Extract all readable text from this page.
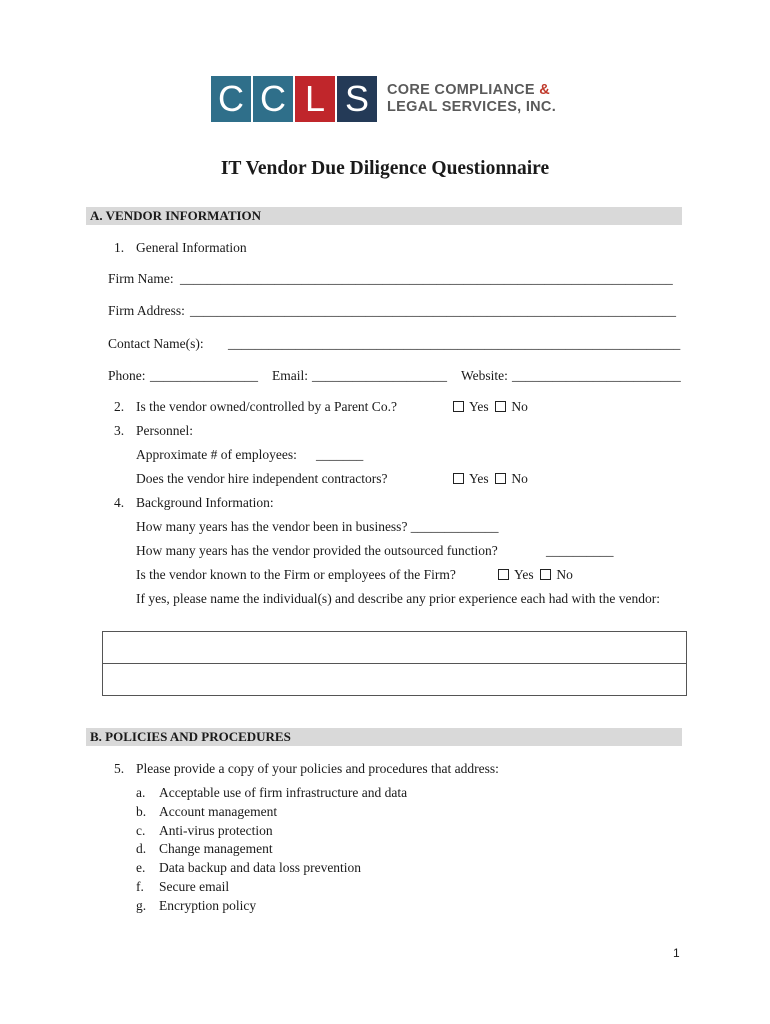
C C L S	CORE COMPLIANCE &
LEGAL SERVICES, INC.
IT Vendor Due Diligence Questionnaire
A. VENDOR INFORMATION
1. General Information
Firm Name: _________________________________________________________________________
Firm Address: ________________________________________________________________________
Contact Name(s): ___________________________________________________________________
Phone: ________________ Email: ____________________ Website: _________________________
2. Is the vendor owned/controlled by a Parent Co.?	Yes No
3. Personnel:
Approximate # of employees: _______
Does the vendor hire independent contractors?	Yes No
4. Background Information:
How many years has the vendor been in business? _____________
How many years has the vendor provided the outsourced function?	__________
Is the vendor known to the Firm or employees of the Firm?	Yes No
If yes, please name the individual(s) and describe any prior experience each had with the vendor:
B. POLICIES AND PROCEDURES
5. Please provide a copy of your policies and procedures that address:
a. Acceptable use of firm infrastructure and data
b. Account management
c. Anti-virus protection
d. Change management
e. Data backup and data loss prevention
f. Secure email
g. Encryption policy
1
